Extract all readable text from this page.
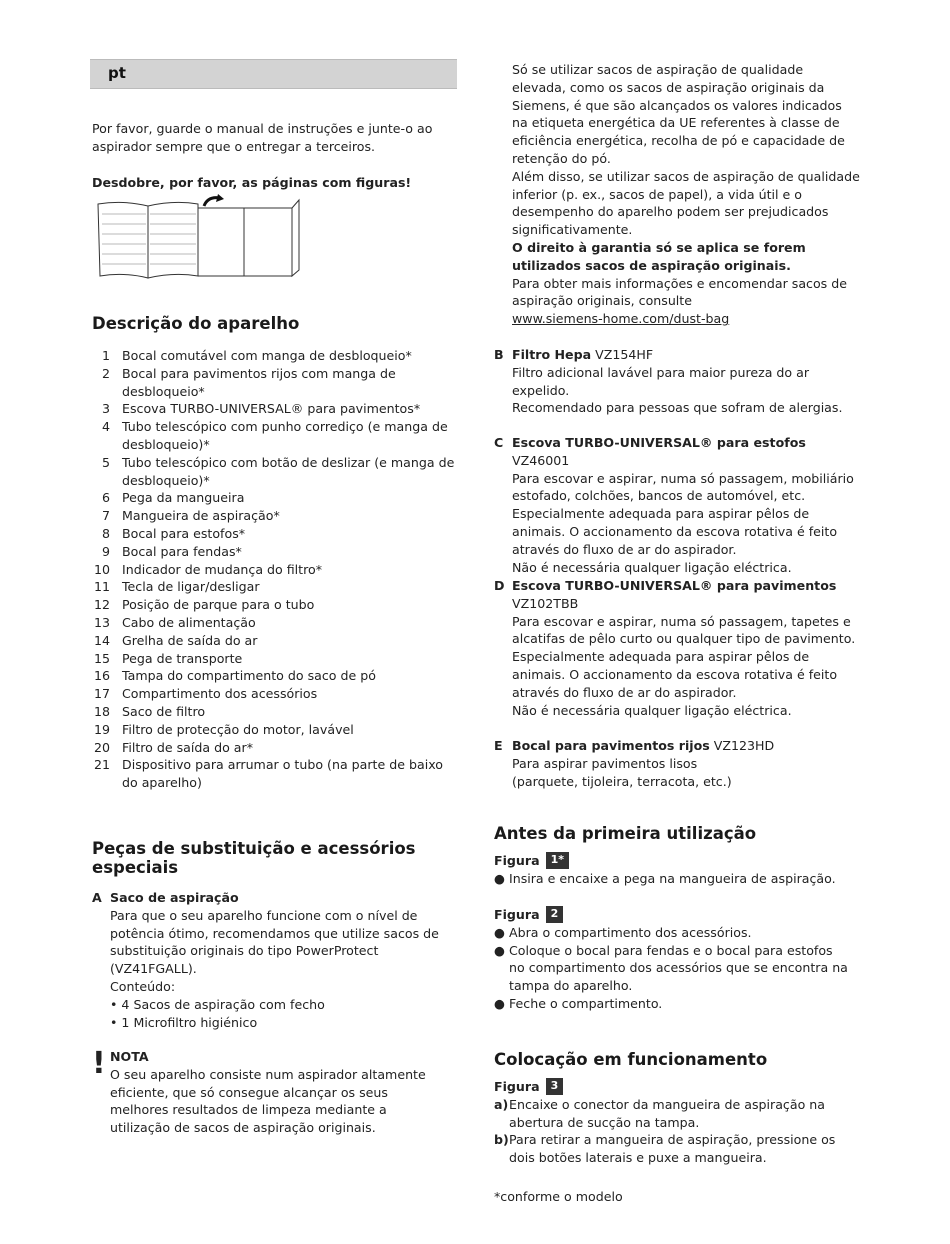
pt

Por favor, guarde o manual de instruções e junte-o ao aspirador sempre que o entregar a terceiros.

Desdobre, por favor, as páginas com figuras!

Descrição do aparelho
1 Bocal comutável com manga de desbloqueio*
2 Bocal para pavimentos rijos com manga de desbloqueio*
3 Escova TURBO-UNIVERSAL® para pavimentos*
4 Tubo telescópico com punho corrediço (e manga de desbloqueio)*
5 Tubo telescópico com botão de deslizar (e manga de desbloqueio)*
6 Pega da mangueira
7 Mangueira de aspiração*
8 Bocal para estofos*
9 Bocal para fendas*
10 Indicador de mudança do filtro*
11 Tecla de ligar/desligar
12 Posição de parque para o tubo
13 Cabo de alimentação
14 Grelha de saída do ar
15 Pega de transporte
16 Tampa do compartimento do saco de pó
17 Compartimento dos acessórios
18 Saco de filtro
19 Filtro de protecção do motor, lavável
20 Filtro de saída do ar*
21 Dispositivo para arrumar o tubo (na parte de baixo do aparelho)
Peças de substituição e acessórios especiais
A Saco de aspiração

Para que o seu aparelho funcione com o nível de potência ótimo, recomendamos que utilize sacos de substituição originais do tipo PowerProtect (VZ41FGALL).

Conteúdo:

• 4 Sacos de aspiração com fecho

• 1 Microfiltro higiénico

! NOTA

O seu aparelho consiste num aspirador altamente eficiente, que só consegue alcançar os seus melhores resultados de limpeza mediante a utilização de sacos de aspiração originais.

Só se utilizar sacos de aspiração de qualidade elevada, como os sacos de aspiração originais da Siemens, é que são alcançados os valores indicados na etiqueta energética da UE referentes à classe de eficiência energética, recolha de pó e capacidade de retenção do pó.

Além disso, se utilizar sacos de aspiração de qualidade inferior (p. ex., sacos de papel), a vida útil e o desempenho do aparelho podem ser prejudicados significativamente.

O direito à garantia só se aplica se forem utilizados sacos de aspiração originais.

Para obter mais informações e encomendar sacos de aspiração originais, consulte

www.siemens-home.com/dust-bag

B Filtro Hepa VZ154HF

Filtro adicional lavável para maior pureza do ar expelido.

Recomendado para pessoas que sofram de alergias.

C Escova TURBO-UNIVERSAL® para estofos VZ46001

Para escovar e aspirar, numa só passagem, mobiliário estofado, colchões, bancos de automóvel, etc. Especialmente adequada para aspirar pêlos de animais. O accionamento da escova rotativa é feito através do fluxo de ar do aspirador.

Não é necessária qualquer ligação eléctrica.

D Escova TURBO-UNIVERSAL® para pavimentos

VZ102TBB

Para escovar e aspirar, numa só passagem, tapetes e alcatifas de pêlo curto ou qualquer tipo de pavimento. Especialmente adequada para aspirar pêlos de animais. O accionamento da escova rotativa é feito através do fluxo de ar do aspirador.

Não é necessária qualquer ligação eléctrica.

E Bocal para pavimentos rijos VZ123HD

Para aspirar pavimentos lisos

(parquete, tijoleira, terracota, etc.)

Antes da primeira utilização

Figura	1*

● Insira e encaixe a pega na mangueira de aspiração.

Figura	2

● Abra o compartimento dos acessórios.
● Coloque o bocal para fendas e o bocal para estofos no compartimento dos acessórios que se encontra na tampa do aparelho.
● Feche o compartimento.
Colocação em funcionamento

Figura	3

a) Encaixe o conector da mangueira de aspiração na abertura de sucção na tampa.
b) Para retirar a mangueira de aspiração, pressione os dois botões laterais e puxe a mangueira.

*conforme o modelo
